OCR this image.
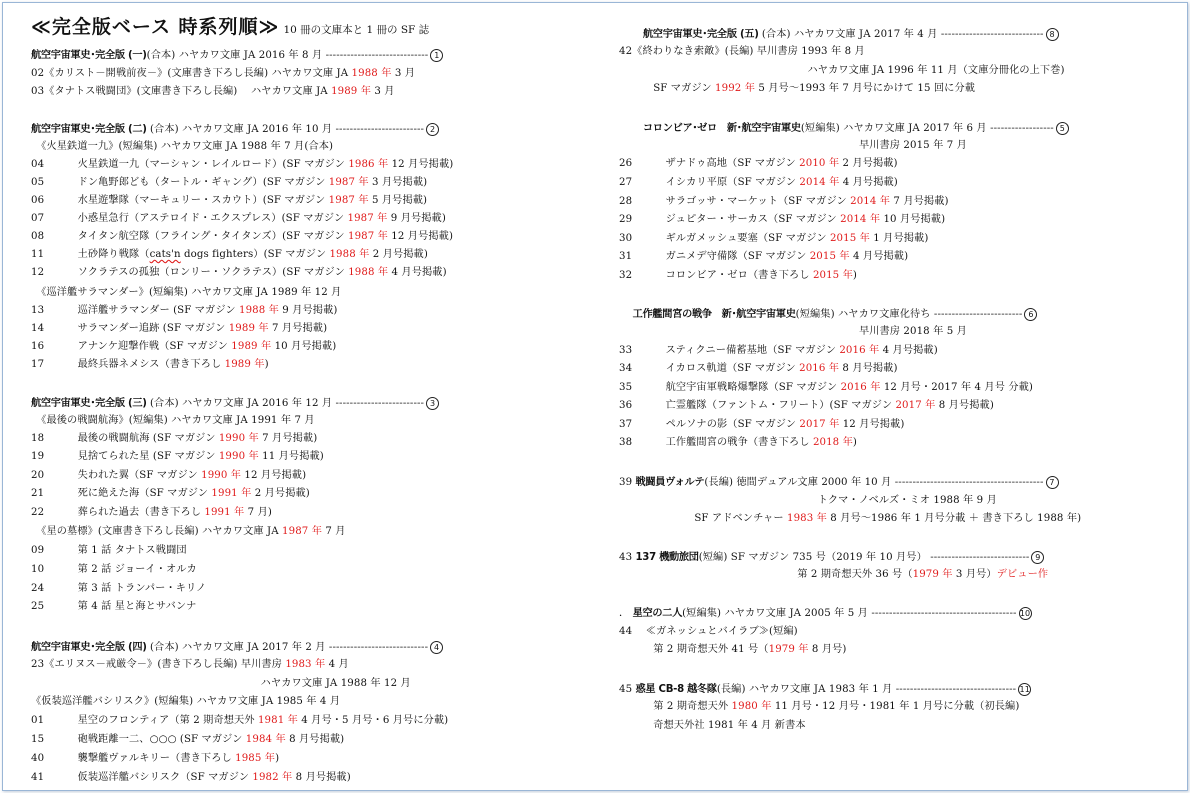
≪完全版ベース 時系列順≫ 10 冊の文庫本と 1 冊の SF 誌
航空宇宙軍史･完全版 (一)(合本) ハヤカワ文庫 JA 2016 年 8 月 ----------------------------- 1
02《カリスト－開戦前夜－》(文庫書き下ろし長編) ハヤカワ文庫 JA 1988 年 3 月
03《タナトス戦闘団》(文庫書き下ろし長編)　 ハヤカワ文庫 JA 1989 年 3 月
航空宇宙軍史･完全版 (二) (合本) ハヤカワ文庫 JA 2016 年 10 月 ------------------------- 2
　《火星鉄道一九》(短編集) ハヤカワ文庫 JA 1988 年 7 月(合本)
04　　火星鉄道一九（マーシャン・レイルロード）(SF マガジン 1986 年 12 月号掲載)
05　　ドン亀野郎ども（タートル・ギャング）(SF マガジン 1987 年 3 月号掲載)
06　　水星遊撃隊（マーキュリー・スカウト）(SF マガジン 1987 年 5 月号掲載)
07　　小惑星急行（アステロイド・エクスプレス）(SF マガジン 1987 年 9 月号掲載)
08　　タイタン航空隊（フライング・タイタンズ）(SF マガジン 1987 年 12 月号掲載)
11　　土砂降り戦隊（cats'n dogs fighters）(SF マガジン 1988 年 2 月号掲載)
12　　ソクラテスの孤独（ロンリー・ソクラテス）(SF マガジン 1988 年 4 月号掲載)
　《巡洋艦サラマンダー》(短編集) ハヤカワ文庫 JA 1989 年 12 月
13　　巡洋艦サラマンダー (SF マガジン 1988 年 9 月号掲載)
14　　サラマンダー追跡 (SF マガジン 1989 年 7 月号掲載)
16　　アナンケ迎撃作戦（SF マガジン 1989 年 10 月号掲載)
17　　最終兵器ネメシス（書き下ろし 1989 年)
航空宇宙軍史･完全版 (三) (合本) ハヤカワ文庫 JA 2016 年 12 月 ------------------------- 3
　《最後の戦闘航海》(短編集) ハヤカワ文庫 JA 1991 年 7 月
18　　最後の戦闘航海 (SF マガジン 1990 年 7 月号掲載)
19　　見捨てられた星 (SF マガジン 1990 年 11 月号掲載)
20　　失われた翼（SF マガジン 1990 年 12 月号掲載)
21　　死に絶えた海（SF マガジン 1991 年 2 月号掲載)
22　　葬られた過去（書き下ろし 1991 年 7 月)
　《星の墓標》(文庫書き下ろし長編) ハヤカワ文庫 JA 1987 年 7 月
09　　第 1 話 タナトス戦闘団
10　　第 2 話 ジョーイ・オルカ
24　　第 3 話 トランパー・キリノ
25　　第 4 話 星と海とサバンナ
航空宇宙軍史･完全版 (四) (合本) ハヤカワ文庫 JA 2017 年 2 月 ---------------------------- 4
23《エリヌス－戒厳令－》(書き下ろし長編) 早川書房 1983 年 4 月
　　　　　　　　　　　　　　　　　　　　　　 ハヤカワ文庫 JA 1988 年 12 月
《仮装巡洋艦バシリスク》(短編集) ハヤカワ文庫 JA 1985 年 4 月
01　　星空のフロンティア（第 2 期奇想天外 1981 年 4 月号・5 月号・6 月号に分載)
15　　砲戦距離一二、○○○ (SF マガジン 1984 年 8 月号掲載)
40　　襲撃艦ヴァルキリー（書き下ろし 1985 年)
41　　仮装巡洋艦バシリスク（SF マガジン 1982 年 8 月号掲載)
　　 航空宇宙軍史･完全版 (五) (合本) ハヤカワ文庫 JA 2017 年 4 月 ----------------------------- 8
42《終わりなき索敵》(長編) 早川書房 1993 年 8 月
　　　　　　　　　　　　　　　　　　 ハヤカワ文庫 JA 1996 年 11 月（文庫分冊化の上下巻)
　　　 SF マガジン 1992 年 5 月号～1993 年 7 月号にかけて 15 回に分載
　　 コロンビア･ゼロ　新･航空宇宙軍史(短編集) ハヤカワ文庫 JA 2017 年 6 月 ------------------ 5
　　　　　　　　　　　　　　　　　　　　　　　 早川書房 2015 年 7 月
26　　ザナドゥ高地（SF マガジン 2010 年 2 月号掲載)
27　　イシカリ平原（SF マガジン 2014 年 4 月号掲載)
28　　サラゴッサ・マーケット（SF マガジン 2014 年 7 月号掲載)
29　　ジュピター・サーカス（SF マガジン 2014 年 10 月号掲載)
30　　ギルガメッシュ要塞（SF マガジン 2015 年 1 月号掲載)
31　　ガニメデ守備隊（SF マガジン 2015 年 4 月号掲載)
32　　コロンビア・ゼロ（書き下ろし 2015 年)
　 工作艦間宮の戦争　新･航空宇宙軍史(短編集) ハヤカワ文庫化待ち ------------------------- 6
　　　　　　　　　　　　　　　　　　　　　　　 早川書房 2018 年 5 月
33　　スティクニー備蓄基地（SF マガジン 2016 年 4 月号掲載)
34　　イカロス軌道（SF マガジン 2016 年 8 月号掲載)
35　　航空宇宙軍戦略爆撃隊（SF マガジン 2016 年 12 月号・2017 年 4 月号 分載)
36　　亡霊艦隊（ファントム・フリート）(SF マガジン 2017 年 8 月号掲載)
37　　ペルソナの影（SF マガジン 2017 年 12 月号掲載)
38　　工作艦間宮の戦争（書き下ろし 2018 年)
39 戦闘員ヴォルテ(長編) 徳間デュアル文庫 2000 年 10 月 ------------------------------------------ 7
　　　　　　　　　　　　　　　　　　　 トクマ・ノベルズ・ミオ 1988 年 9 月
　　　　　　　 SF アドベンチャー 1983 年 8 月号～1986 年 1 月号分載 ＋ 書き下ろし 1988 年)
43 137 機動旅団(短編) SF マガジン 735 号（2019 年 10 月号） ---------------------------- 9
　　　　　　　　　　　　　　　　　 第 2 期奇想天外 36 号（1979 年 3 月号）デビュー作
． 星空の二人(短編集) ハヤカワ文庫 JA 2005 年 5 月 ----------------------------------------- 10
44　 ≪ガネッシュとバイラブ≫(短編)
　　　 第 2 期奇想天外 41 号（1979 年 8 月号)
45 惑星 CB-8 越冬隊(長編) ハヤカワ文庫 JA 1983 年 1 月 ---------------------------------- 11
　　　 第 2 期奇想天外 1980 年 11 月号・12 月号・1981 年 1 月号に分載（初長編)
　　　 奇想天外社 1981 年 4 月 新書本
